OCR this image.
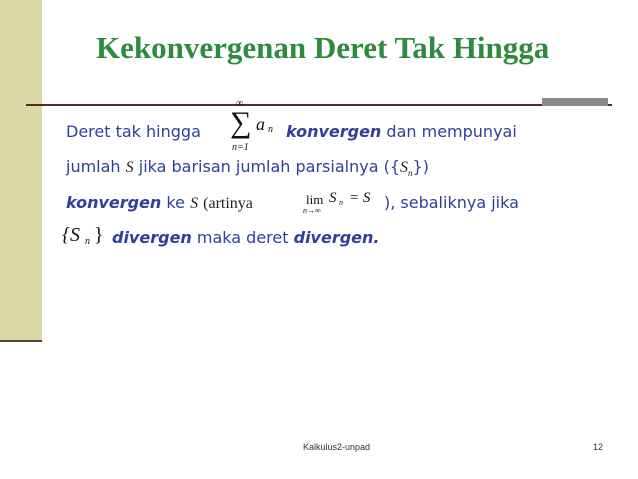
Kekonvergenan Deret Tak Hingga
Deret tak hingga
∞
∑
n=1
a n konvergen dan mempunyai
jumlah S jika barisan jumlah parsialnya $(\{S_n\})$
konvergen ke S (artinya	lim
n→∞
S n = S ), sebaliknya jika
{S n } divergen maka deret divergen.
Kalkulus2-unpad	12
